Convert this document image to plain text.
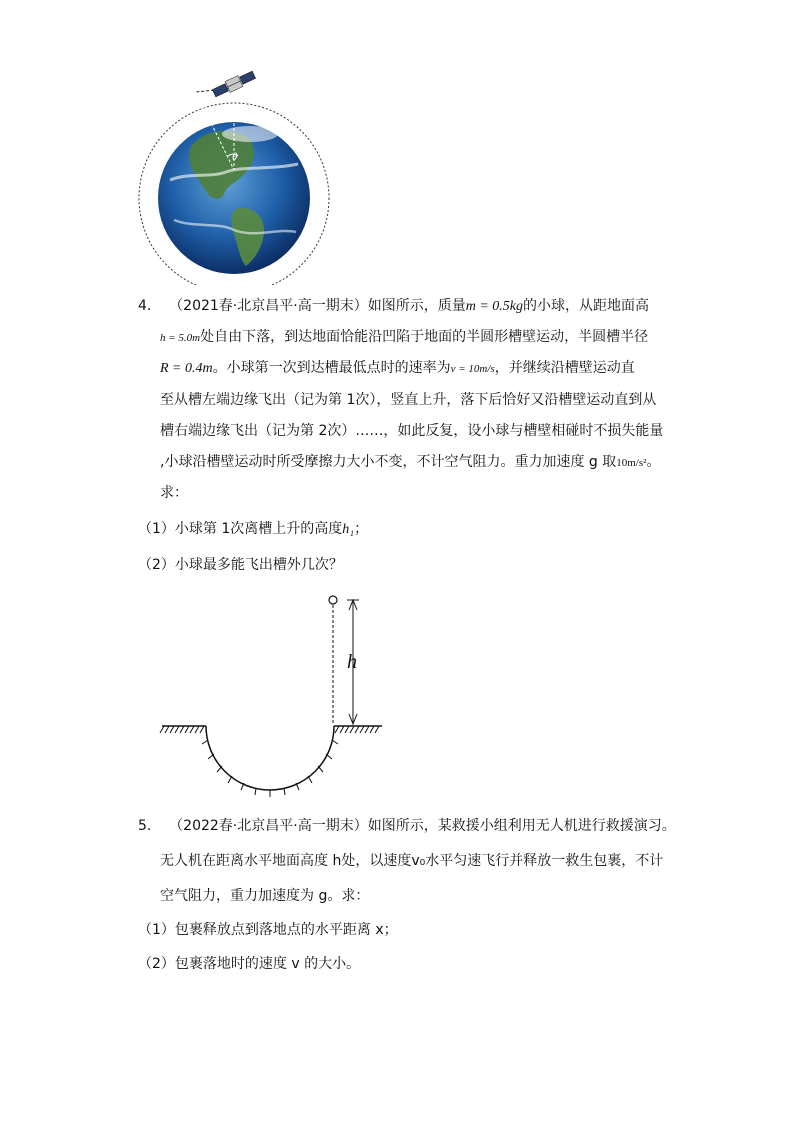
θ
4. （2021春·北京昌平·高一期末）如图所示，质量m = 0.5kg的小球，从距地面高
h = 5.0m处自由下落，到达地面恰能沿凹陷于地面的半圆形槽壁运动，半圆槽半径
R = 0.4m。小球第一次到达槽最低点时的速率为v = 10m/s，并继续沿槽壁运动直
至从槽左端边缘飞出（记为第 1次），竖直上升，落下后恰好又沿槽壁运动直到从
槽右端边缘飞出（记为第 2次）……，如此反复，设小球与槽壁相碰时不损失能量
,小球沿槽壁运动时所受摩擦力大小不变，不计空气阻力。重力加速度 g 取10m/s²。
求：
（1）小球第 1次离槽上升的高度h₁；
（2）小球最多能飞出槽外几次？
h
5. （2022春·北京昌平·高一期末）如图所示，某救援小组利用无人机进行救援演习。
无人机在距离水平地面高度 h处，以速度v₀水平匀速飞行并释放一救生包裹，不计
空气阻力，重力加速度为 g。求：
（1）包裹释放点到落地点的水平距离 x；
（2）包裹落地时的速度 v 的大小。
